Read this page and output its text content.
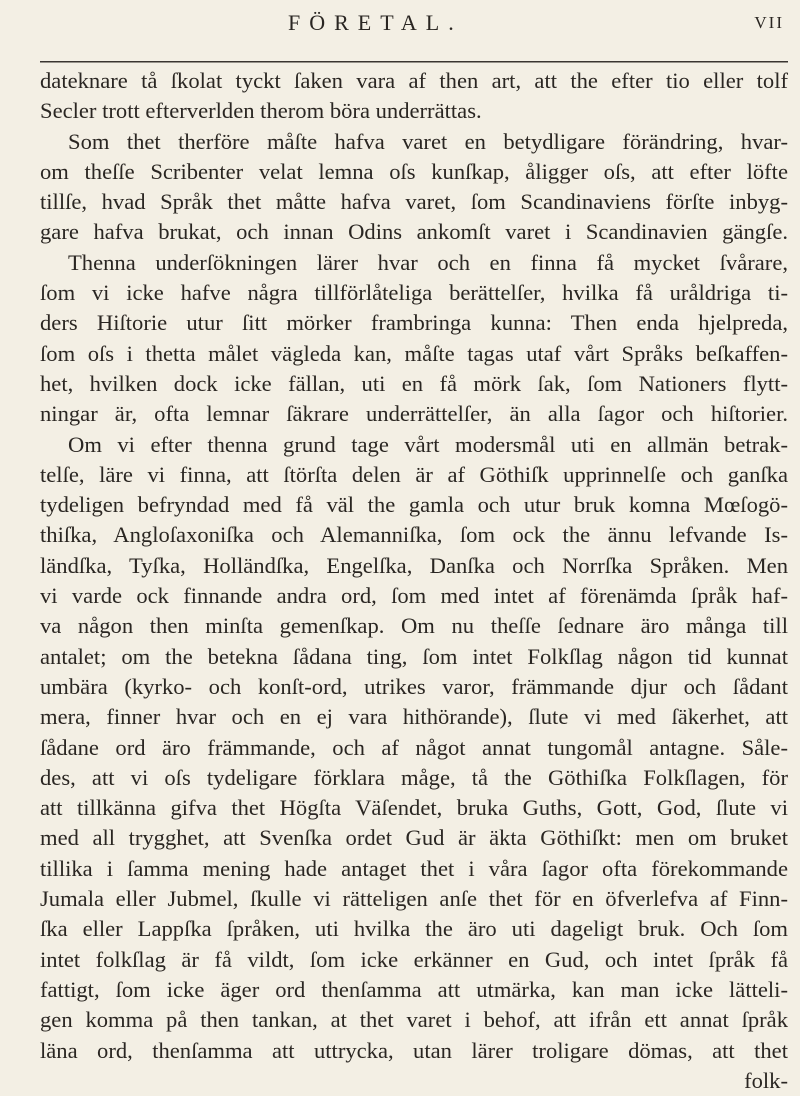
FÖRETAL.	VII
dateknare tå ſkolat tyckt ſaken vara af then art, att the efter tio eller tolf
Secler trott efterverlden therom böra underrättas.
Som thet therföre måſte hafva varet en betydligare förändring, hvar-
om theſſe Scribenter velat lemna oſs kunſkap, åligger oſs, att efter löfte
tillſe, hvad Språk thet måtte hafva varet, ſom Scandinaviens förſte inbyg-
gare hafva brukat, och innan Odins ankomſt varet i Scandinavien gängſe.
Thenna underſökningen lärer hvar och en finna få mycket ſvårare,
ſom vi icke hafve några tillförlåteliga berättelſer, hvilka få uråldriga ti-
ders Hiſtorie utur ſitt mörker frambringa kunna: Then enda hjelpreda,
ſom oſs i thetta målet vägleda kan, måſte tagas utaf vårt Språks beſkaffen-
het, hvilken dock icke fällan, uti en få mörk ſak, ſom Nationers flytt-
ningar är, ofta lemnar ſäkrare underrättelſer, än alla ſagor och hiſtorier.
Om vi efter thenna grund tage vårt modersmål uti en allmän betrak-
telſe, läre vi finna, att ſtörſta delen är af Göthiſk upprinnelſe och ganſka
tydeligen befryndad med få väl the gamla och utur bruk komna Mœſogö-
thiſka, Angloſaxoniſka och Alemanniſka, ſom ock the ännu lefvande Is-
ländſka, Tyſka, Holländſka, Engelſka, Danſka och Norrſka Språken. Men
vi varde ock finnande andra ord, ſom med intet af förenämda ſpråk haf-
va någon then minſta gemenſkap. Om nu theſſe ſednare äro många till
antalet; om the betekna ſådana ting, ſom intet Folkſlag någon tid kunnat
umbära (kyrko- och konſt-ord, utrikes varor, främmande djur och ſådant
mera, finner hvar och en ej vara hithörande), ſlute vi med ſäkerhet, att
ſådane ord äro främmande, och af något annat tungomål antagne. Såle-
des, att vi oſs tydeligare förklara måge, tå the Göthiſka Folkſlagen, för
att tillkänna gifva thet Högſta Väſendet, bruka Guths, Gott, God, ſlute vi
med all trygghet, att Svenſka ordet Gud är äkta Göthiſkt: men om bruket
tillika i ſamma mening hade antaget thet i våra ſagor ofta förekommande
Jumala eller Jubmel, ſkulle vi rätteligen anſe thet för en öfverlefva af Finn-
ſka eller Lappſka ſpråken, uti hvilka the äro uti dageligt bruk. Och ſom
intet folkſlag är få vildt, ſom icke erkänner en Gud, och intet ſpråk få
fattigt, ſom icke äger ord thenſamma att utmärka, kan man icke lätteli-
gen komma på then tankan, at thet varet i behof, att ifrån ett annat ſpråk
läna ord, thenſamma att uttrycka, utan lärer troligare dömas, att thet
folk-
